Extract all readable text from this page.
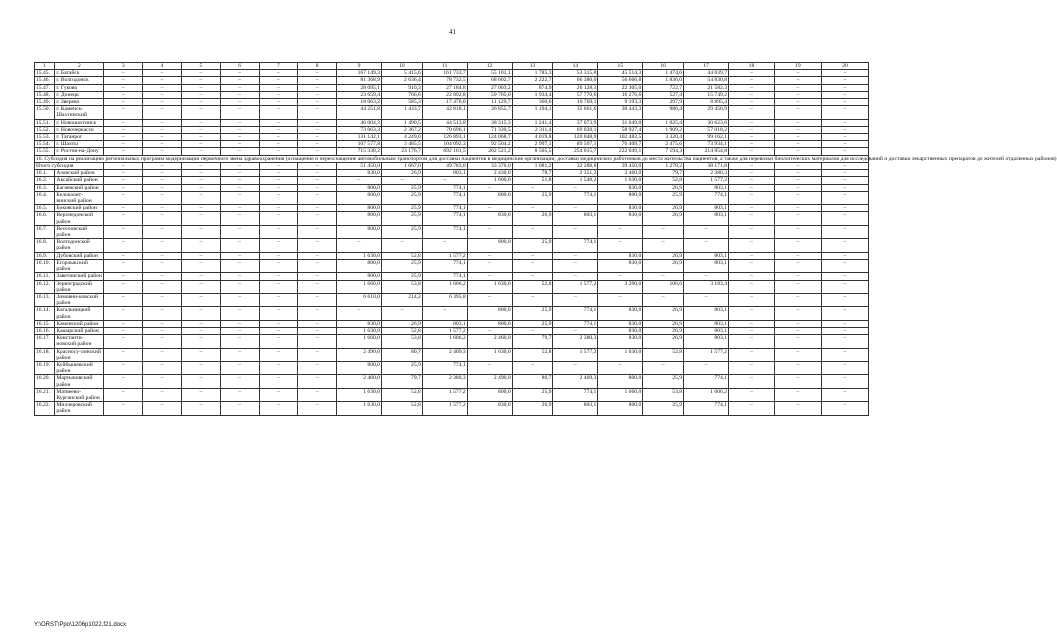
41
1	2	3	4	5	6	7	8	9	10	11	12	13	14	15	16	17	18	19	20
15.45.	г. Батайск	–	–	–	–	–	–	167 149,3	5 415,6	161 733,7	55 101,1	1 785,3	53 315,8	45 514,3	1 474,6	44 039,7	–	–	–
15.46.	г. Волгодонск	–	–	–	–	–	–	81 368,9	2 636,4	78 732,5	68 602,7	2 222,7	66 380,0	56 666,8	1 836,0	54 830,8	–	–	–
15.47.	г. Гуково	–	–	–	–	–	–	28 095,1	910,3	27 184,8	27 003,2	874,9	26 128,3	22 305,0	722,7	21 582,3	–	–	–
15.48.	г. Донецк	–	–	–	–	–	–	23 659,4	766,6	22 892,8	59 705,0	1 934,4	57 770,6	16 276,6	527,4	15 749,2	–	–	–
15.49.	г. Зверево	–	–	–	–	–	–	18 063,2	585,3	17 478,0	11 129,7	360,6	10 769,1	9 193,3	297,9	8 895,4	–	–	–
15.50.	г. Каменск-Шахтинский	–	–	–	–	–	–	44 251,8	1 433,7	42 818,1	36 855,7	1 194,1	35 661,6	30 443,3	986,4	29 456,9	–	–	–
15.51.	г. Новошахтинск	–	–	–	–	–	–	46 004,3	1 490,5	44 513,8	38 315,3	1 241,4	37 073,9	31 649,0	1 025,4	30 623,6	–	–	–
15.52.	г. Новочеркасск	–	–	–	–	–	–	73 063,3	2 367,2	70 696,1	71 339,5	2 311,4	69 028,1	58 927,4	1 909,2	57 018,2	–	–	–
15.53.	г. Таганрог	–	–	–	–	–	–	131 142,1	4 249,0	126 893,1	124 068,7	4 019,8	120 048,9	102 482,5	3 320,4	99 162,1	–	–	–
15.54.	г. Шахты	–	–	–	–	–	–	107 577,8	3 485,5	104 092,3	92 504,2	2 997,1	89 507,1	76 409,7	2 475,6	73 934,1	–	–	–
15.55.	г. Ростов-на-Дону	–	–	–	–	–	–	715 338,2	23 176,7	692 161,5	262 521,2	8 505,5	254 015,7	222 049,1	7 194,3	214 854,8	–	–	–
16. Субсидия на реализацию региональных программ модернизации первичного звена здравоохранения (оснащение и переоснащение автомобильным транспортом для доставки пациентов в медицинские организации, доставки медицинских работников до места жительства пациентов, а также для перевозки биологических материалов для исследований и доставки лекарственных препаратов до жителей отдаленных районов)																			
Итого субсидия		–	–	–	–	–	–	51 450,0	1 667,0	49 783,0	33 370,0	1 081,2	32 288,8	39 450,0	1 278,2	38 171,8	–	–	–
16.1.	Азовский район	–	–	–	–	–	–	830,0	26,9	803,1	2 430,0	78,7	2 351,3	2 460,0	79,7	2 380,3	–	–	–
16.2.	Аксайский район	–	–	–	–	–	–	–	–	–	1 600,0	51,8	1 548,2	1 630,0	52,8	1 577,2	–	–	–
16.3.	Багаевский район	–	–	–	–	–	–	800,0	25,9	774,1	–	–	–	830,0	26,9	803,1	–	–	–
16.4.	Белокалит-винский район	–	–	–	–	–	–	800,0	25,9	774,1	800,0	25,9	774,1	800,0	25,9	774,1	–	–	–
16.5.	Боковский район	–	–	–	–	–	–	800,0	25,9	774,1	–	–	–	830,0	26,9	803,1	–	–	–
16.6.	Верхнедонской район	–	–	–	–	–	–	800,0	25,9	774,1	830,0	26,9	803,1	830,0	26,9	803,1	–	–	–
16.7.	Веселовский район	–	–	–	–	–	–	800,0	25,9	774,1	–	–	–	–	–	–	–	–	–
16.8.	Волгодонской район	–	–	–	–	–	–	–	–	–	800,0	25,9	774,1	–	–	–	–	–	–
16.9.	Дубовский район	–	–	–	–	–	–	1 630,0	52,8	1 577,2	–	–	–	830,0	26,9	803,1	–	–	–
16.10.	Егорлыкский район	–	–	–	–	–	–	800,0	25,9	774,1	–	–	–	830,0	26,9	803,1	–	–	–
16.11.	Заветинский район	–	–	–	–	–	–	800,0	25,9	774,1	–	–	–	–	–	–	–	–	–
16.12.	Зерноградский район	–	–	–	–	–	–	1 660,0	53,8	1 606,2	1 630,0	52,8	1 577,2	3 290,0	106,6	3 183,4	–	–	–
16.13.	Зимовни-ковский район	–	–	–	–	–	–	6 610,0	214,2	6 395,8	–	–	–	–	–	–	–	–	–
16.14.	Кагальницкий район	–	–	–	–	–	–	–	–	–	800,0	25,9	774,1	830,0	26,9	803,1	–	–	–
16.15.	Каменский район	–	–	–	–	–	–	830,0	26,9	803,1	800,0	25,9	774,1	830,0	26,9	803,1	–	–	–
16.16.	Кашарский район	–	–	–	–	–	–	1 630,0	52,8	1 577,2	–	–	–	830,0	26,9	803,1	–	–	–
16.17.	Константи-новский район	–	–	–	–	–	–	1 660,0	53,8	1 606,2	2 460,0	79,7	2 380,3	830,0	26,9	803,1	–	–	–
16.18.	Красносу-линский район	–	–	–	–	–	–	2 490,0	80,7	2 409,3	1 630,0	52,8	1 577,2	1 630,0	52,8	1 577,2	–	–	–
16.19.	Куйбышевский район	–	–	–	–	–	–	800,0	25,9	774,1	–	–	–	–	–	–	–	–	–
16.20.	Мартыновский район	–	–	–	–	–	–	2 460,0	79,7	2 380,3	2 490,0	80,7	2 409,3	800,0	25,9	774,1	–	–	–
16.21.	Матвеево-Курганский район	–	–	–	–	–	–	1 630,0	52,8	1 577,2	800,0	25,9	774,1	1 660,0	53,8	1 606,2	–	–	–
16.22.	Миллеровский район	–	–	–	–	–	–	1 630,0	52,8	1 577,2	830,0	26,9	803,1	800,0	25,9	774,1	–	–	–
Y:\ORST\Ppo\1206p1022.f21.docx
